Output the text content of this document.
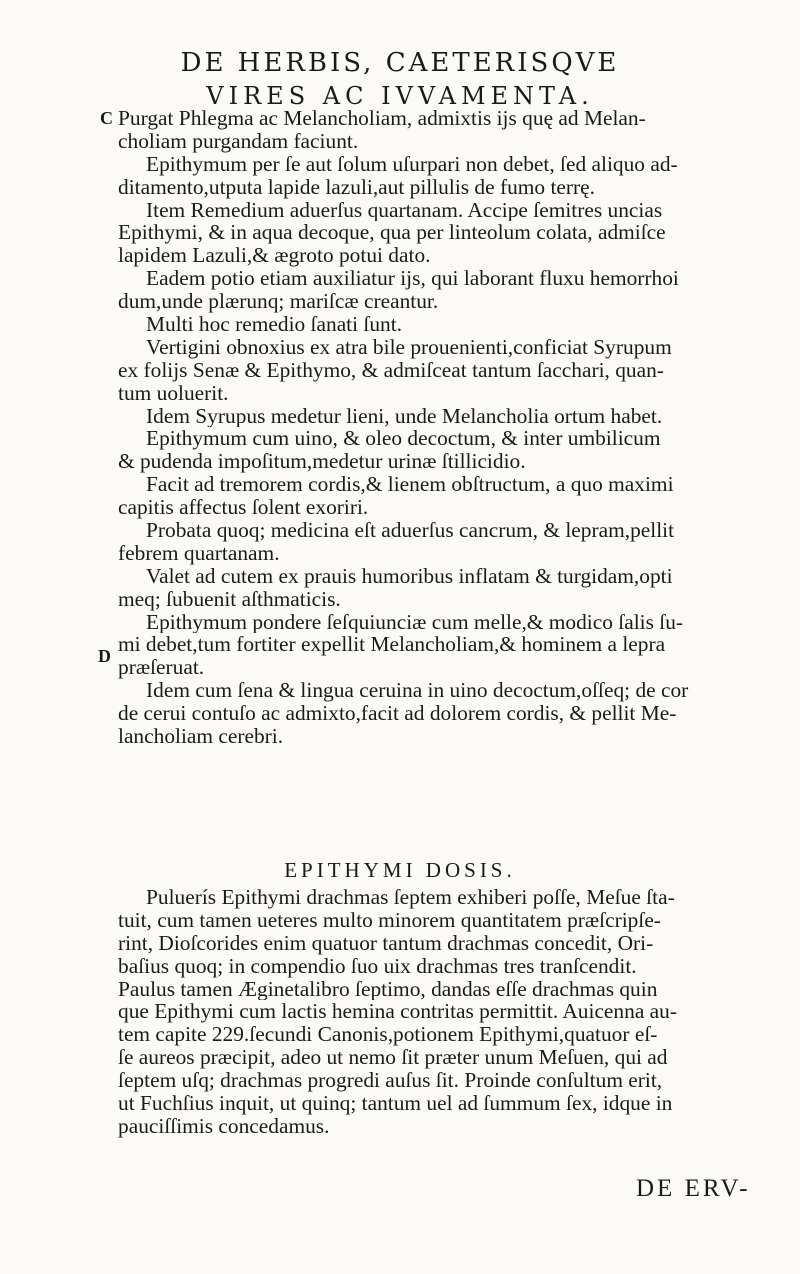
DE HERBIS, CAETERISQVE
VIRES AC IVVAMENTA.
C
D
Purgat Phlegma ac Melancholiam, admixtis ijs quę ad Melan-
choliam purgandam faciunt.
Epithymum per ſe aut ſolum uſurpari non debet, ſed aliquo ad-
ditamento,utputa lapide lazuli,aut pillulis de fumo terrę.
Item Remedium aduerſus quartanam. Accipe ſemitres uncias
Epithymi, & in aqua decoque, qua per linteolum colata, admiſce
lapidem Lazuli,& ægroto potui dato.
Eadem potio etiam auxiliatur ijs, qui laborant fluxu hemorrhoi
dum,unde plærunq; mariſcæ creantur.
Multi hoc remedio ſanati ſunt.
Vertigini obnoxius ex atra bile prouenienti,conficiat Syrupum
ex folijs Senæ & Epithymo, & admiſceat tantum ſacchari, quan-
tum uoluerit.
Idem Syrupus medetur lieni, unde Melancholia ortum habet.
Epithymum cum uino, & oleo decoctum, & inter umbilicum
& pudenda impoſitum,medetur urinæ ſtillicidio.
Facit ad tremorem cordis,& lienem obſtructum, a quo maximi
capitis affectus ſolent exoriri.
Probata quoq; medicina eſt aduerſus cancrum, & lepram,pellit
febrem quartanam.
Valet ad cutem ex prauis humoribus inflatam & turgidam,opti
meq; ſubuenit aſthmaticis.
Epithymum pondere ſeſquiunciæ cum melle,& modico ſalis ſu-
mi debet,tum fortiter expellit Melancholiam,& hominem a lepra
præſeruat.
Idem cum ſena & lingua ceruina in uino decoctum,oſſeq; de cor
de cerui contuſo ac admixto,facit ad dolorem cordis, & pellit Me-
lancholiam cerebri.
EPITHYMI DOSIS.
Puluerís Epithymi drachmas ſeptem exhiberi poſſe, Meſue ſta-
tuit, cum tamen ueteres multo minorem quantitatem præſcripſe-
rint, Dioſcorides enim quatuor tantum drachmas concedit, Ori-
baſius quoq; in compendio ſuo uix drachmas tres tranſcendit.
Paulus tamen Æginetalibro ſeptimo, dandas eſſe drachmas quin
que Epithymi cum lactis hemina contritas permittit. Auicenna au-
tem capite 229.ſecundi Canonis,potionem Epithymi,quatuor eſ-
ſe aureos præcipit, adeo ut nemo ſit præter unum Meſuen, qui ad
ſeptem uſq; drachmas progredi auſus ſit. Proinde conſultum erit,
ut Fuchſius inquit, ut quinq; tantum uel ad ſummum ſex, idque in
pauciſſimis concedamus.
DE ERV-
